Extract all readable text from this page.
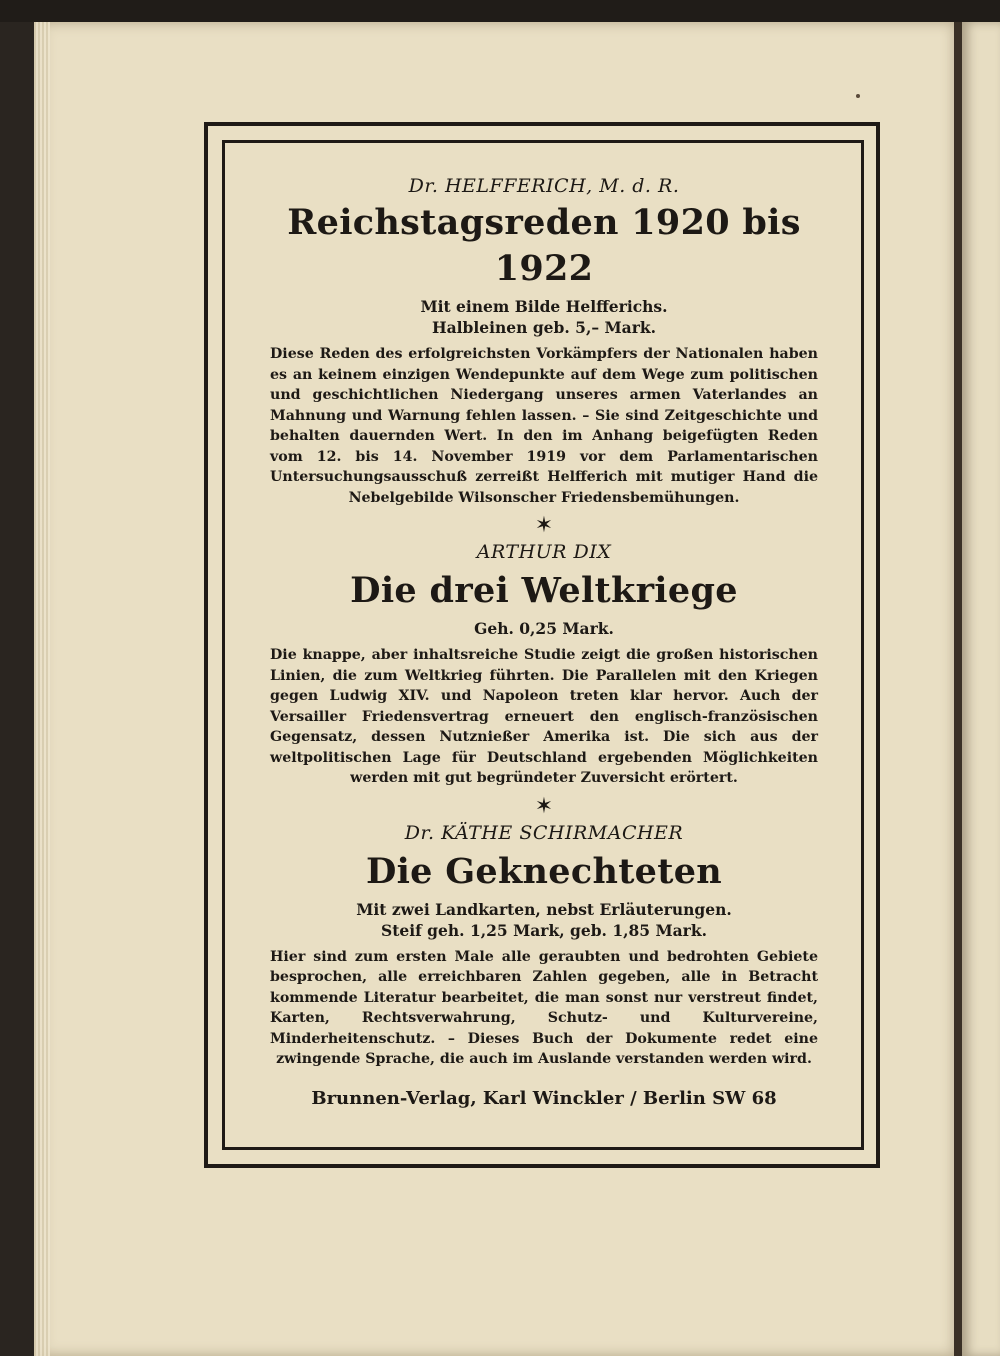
Dr. HELFFERICH, M. d. R.

Reichstagsreden 1920 bis 1922

Mit einem Bilde Helfferichs.

Halbleinen geb. 5,– Mark.

Diese Reden des erfolgreichsten Vorkämpfers der Nationalen haben es an keinem einzigen Wendepunkte auf dem Wege zum politischen und geschichtlichen Niedergang unseres armen Vaterlandes an Mahnung und Warnung fehlen lassen. – Sie sind Zeitgeschichte und behalten dauernden Wert. In den im Anhang beigefügten Reden vom 12. bis 14. November 1919 vor dem Parlamentarischen Untersuchungsausschuß zerreißt Helfferich mit mutiger Hand die Nebelgebilde Wilsonscher Friedensbemühungen.

✶

ARTHUR DIX

Die drei Weltkriege

Geh. 0,25 Mark.

Die knappe, aber inhaltsreiche Studie zeigt die großen historischen Linien, die zum Weltkrieg führten. Die Parallelen mit den Kriegen gegen Ludwig XIV. und Napoleon treten klar hervor. Auch der Versailler Friedensvertrag erneuert den englisch-französischen Gegensatz, dessen Nutznießer Amerika ist. Die sich aus der weltpolitischen Lage für Deutschland ergebenden Möglichkeiten werden mit gut begründeter Zuversicht erörtert.

✶

Dr. KÄTHE SCHIRMACHER

Die Geknechteten

Mit zwei Landkarten, nebst Erläuterungen.

Steif geh. 1,25 Mark, geb. 1,85 Mark.

Hier sind zum ersten Male alle geraubten und bedrohten Gebiete besprochen, alle erreichbaren Zahlen gegeben, alle in Betracht kommende Literatur bearbeitet, die man sonst nur verstreut findet, Karten, Rechtsverwahrung, Schutz- und Kulturvereine, Minderheitenschutz. – Dieses Buch der Dokumente redet eine zwingende Sprache, die auch im Auslande verstanden werden wird.

Brunnen-Verlag, Karl Winckler / Berlin SW 68
